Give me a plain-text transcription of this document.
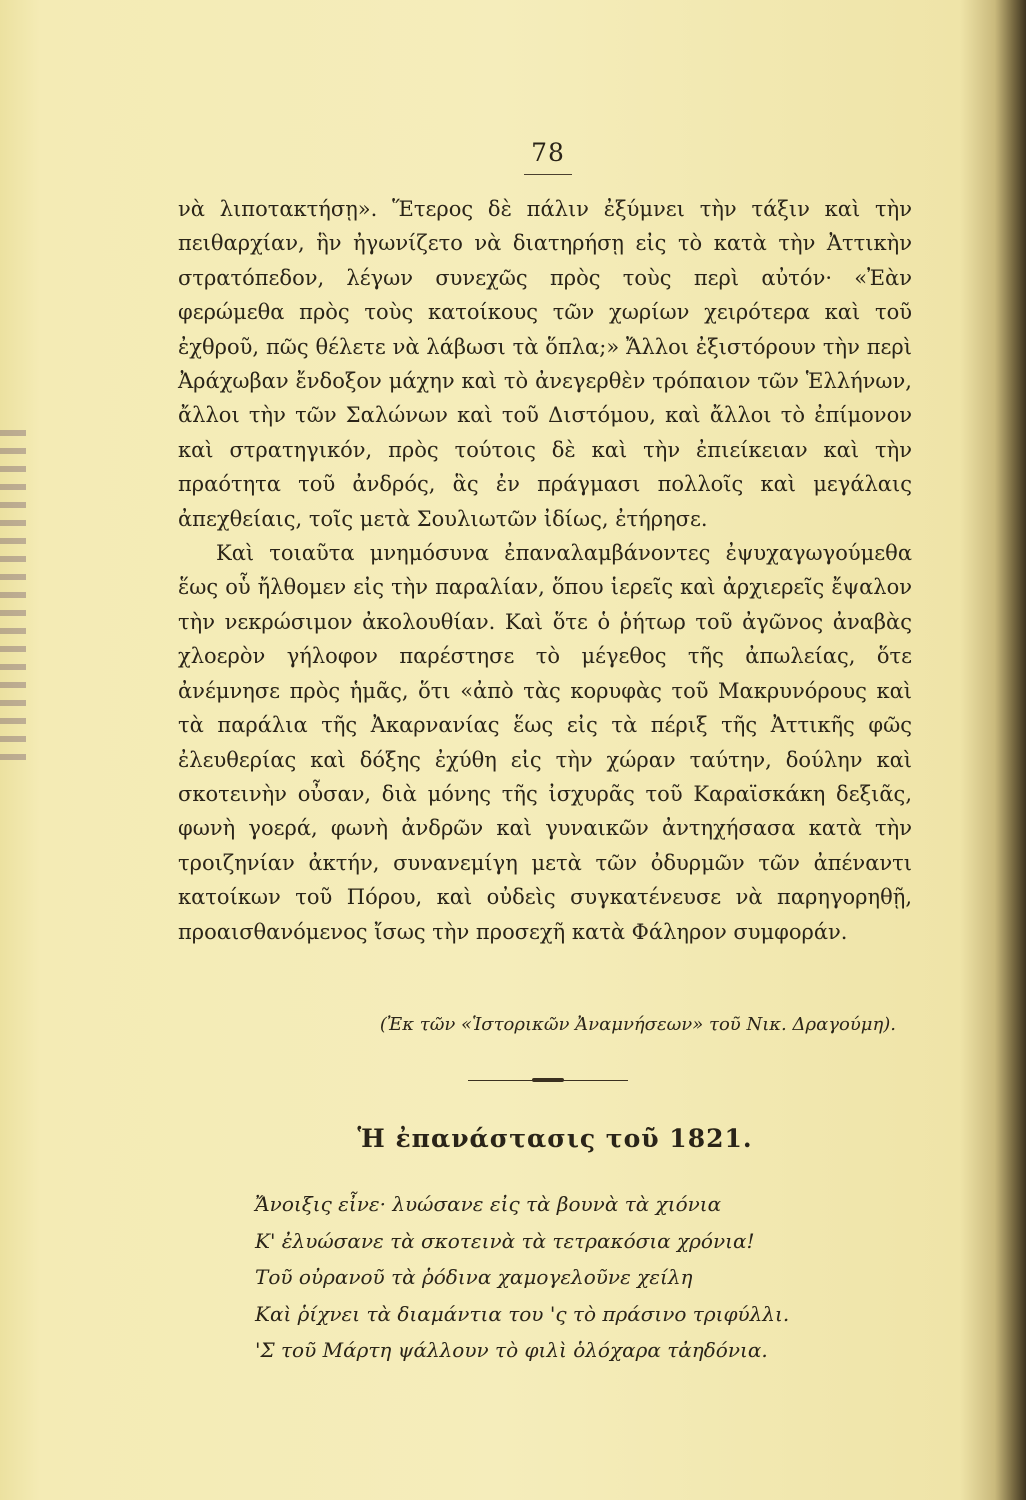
78

νὰ λιποτακτήσῃ». Ἕτερος δὲ πάλιν ἐξύμνει τὴν τάξιν καὶ τὴν πειθαρχίαν, ἣν ἠγωνίζετο νὰ διατηρήσῃ εἰς τὸ κατὰ τὴν Ἀττικὴν στρατόπεδον, λέγων συνεχῶς πρὸς τοὺς περὶ αὐτόν· «Ἐὰν φερώμεθα πρὸς τοὺς κατοίκους τῶν χωρίων χειρότερα καὶ τοῦ ἐχθροῦ, πῶς θέλετε νὰ λάβωσι τὰ ὅπλα;» Ἄλλοι ἐξιστόρουν τὴν περὶ Ἀράχωβαν ἔνδοξον μάχην καὶ τὸ ἀνεγερθὲν τρόπαιον τῶν Ἑλλήνων, ἄλλοι τὴν τῶν Σαλώνων καὶ τοῦ Διστόμου, καὶ ἄλλοι τὸ ἐπίμονον καὶ στρατηγικόν, πρὸς τούτοις δὲ καὶ τὴν ἐπιείκειαν καὶ τὴν πραότητα τοῦ ἀνδρός, ἃς ἐν πράγμασι πολλοῖς καὶ μεγάλαις ἀπεχθείαις, τοῖς μετὰ Σουλιωτῶν ἰδίως, ἐτήρησε.

Καὶ τοιαῦτα μνημόσυνα ἐπαναλαμβάνοντες ἐψυχαγωγούμεθα ἕως οὗ ἤλθομεν εἰς τὴν παραλίαν, ὅπου ἱερεῖς καὶ ἀρχιερεῖς ἔψαλον τὴν νεκρώσιμον ἀκολουθίαν. Καὶ ὅτε ὁ ῥήτωρ τοῦ ἀγῶνος ἀναβὰς χλοερὸν γήλοφον παρέστησε τὸ μέγεθος τῆς ἀπωλείας, ὅτε ἀνέμνησε πρὸς ἡμᾶς, ὅτι «ἀπὸ τὰς κορυφὰς τοῦ Μακρυνόρους καὶ τὰ παράλια τῆς Ἀκαρνανίας ἕως εἰς τὰ πέριξ τῆς Ἀττικῆς φῶς ἐλευθερίας καὶ δόξης ἐχύθη εἰς τὴν χώραν ταύτην, δούλην καὶ σκοτεινὴν οὖσαν, διὰ μόνης τῆς ἰσχυρᾶς τοῦ Καραϊσκάκη δεξιᾶς, φωνὴ γοερά, φωνὴ ἀνδρῶν καὶ γυναικῶν ἀντηχήσασα κατὰ τὴν τροιζηνίαν ἀκτήν, συνανεμίγη μετὰ τῶν ὀδυρμῶν τῶν ἀπέναντι κατοίκων τοῦ Πόρου, καὶ οὐδεὶς συγκατένευσε νὰ παρηγορηθῇ, προαισθανόμενος ἴσως τὴν προσεχῆ κατὰ Φάληρον συμφοράν.

(Ἐκ τῶν «Ἱστορικῶν Ἀναμνήσεων» τοῦ Νικ. Δραγούμη).
Ἡ ἐπανάστασις τοῦ 1821.
Ἄνοιξις εἶνε· λυώσανε εἰς τὰ βουνὰ τὰ χιόνια
Κ' ἐλυώσανε τὰ σκοτεινὰ τὰ τετρακόσια χρόνια!
Τοῦ οὐρανοῦ τὰ ῥόδινα χαμογελοῦνε χείλη
Καὶ ῥίχνει τὰ διαμάντια του 'ς τὸ πράσινο τριφύλλι.
'Σ τοῦ Μάρτη ψάλλουν τὸ φιλὶ ὁλόχαρα τἀηδόνια.
